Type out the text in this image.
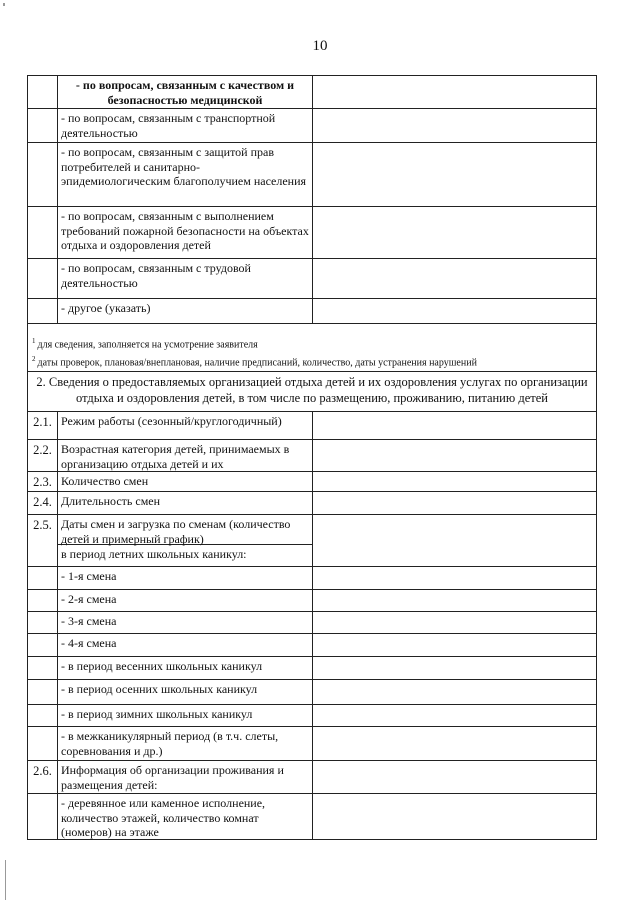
10
- по вопросам, связанным с качеством и безопасностью медицинской
- по вопросам, связанным с транспортной деятельностью
- по вопросам, связанным с защитой прав потребителей и санитарно-эпидемиологическим благополучием населения
- по вопросам, связанным с выполнением требований пожарной безопасности на объектах отдыха и оздоровления детей
- по вопросам, связанным с трудовой деятельностью
- другое (указать)
$^1$ для сведения, заполняется на усмотрение заявителя
$^2$ даты проверок, плановая/внеплановая, наличие предписаний, количество, даты устранения нарушений
2. Сведения о предоставляемых организацией отдыха детей и их оздоровления услугах по организации отдыха и оздоровления детей, в том числе по размещению, проживанию, питанию детей
2.1. Режим работы (сезонный/круглогодичный)
2.2. Возрастная категория детей, принимаемых в организацию отдыха детей и их
2.3. Количество смен
2.4. Длительность смен
2.5. Даты смен и загрузка по сменам (количество детей и примерный график)
в период летних школьных каникул:
- 1-я смена
- 2-я смена
- 3-я смена
- 4-я смена
- в период весенних школьных каникул
- в период осенних школьных каникул
- в период зимних школьных каникул
- в межканикулярный период (в т.ч. слеты, соревнования и др.)
2.6. Информация об организации проживания и размещения детей:
- деревянное или каменное исполнение, количество этажей, количество комнат (номеров) на этаже
